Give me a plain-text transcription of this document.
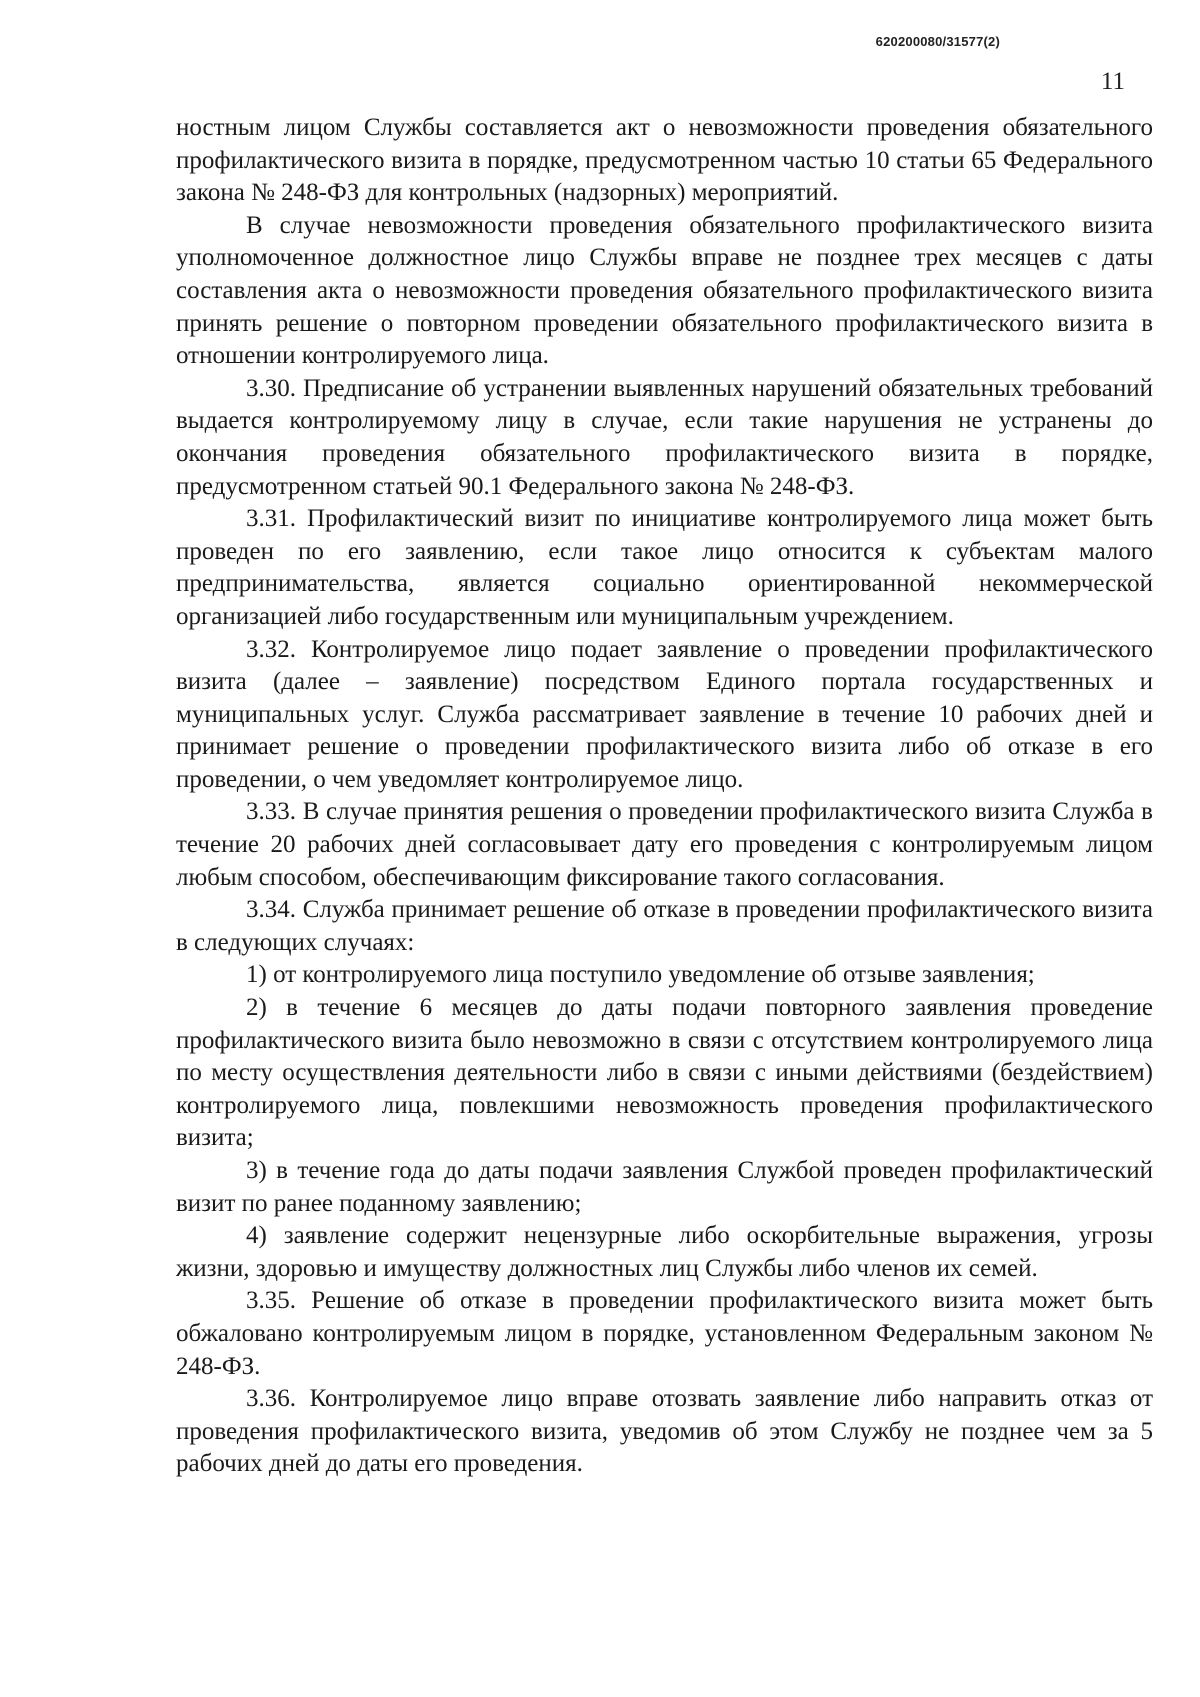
620200080/31577(2)
11

ностным лицом Службы составляется акт о невозможности проведения обязательного профилактического визита в порядке, предусмотренном частью 10 статьи 65 Федерального закона № 248-ФЗ для контрольных (надзорных) мероприятий.

В случае невозможности проведения обязательного профилактического визита уполномоченное должностное лицо Службы вправе не позднее трех месяцев с даты составления акта о невозможности проведения обязательного профилактического визита принять решение о повторном проведении обязательного профилактического визита в отношении контролируемого лица.

3.30. Предписание об устранении выявленных нарушений обязательных требований выдается контролируемому лицу в случае, если такие нарушения не устранены до окончания проведения обязательного профилактического визита в порядке, предусмотренном статьей 90.1 Федерального закона № 248-ФЗ.

3.31. Профилактический визит по инициативе контролируемого лица может быть проведен по его заявлению, если такое лицо относится к субъектам малого предпринимательства, является социально ориентированной некоммерческой организацией либо государственным или муниципальным учреждением.

3.32. Контролируемое лицо подает заявление о проведении профилактического визита (далее – заявление) посредством Единого портала государственных и муниципальных услуг. Служба рассматривает заявление в течение 10 рабочих дней и принимает решение о проведении профилактического визита либо об отказе в его проведении, о чем уведомляет контролируемое лицо.

3.33. В случае принятия решения о проведении профилактического визита Служба в течение 20 рабочих дней согласовывает дату его проведения с контролируемым лицом любым способом, обеспечивающим фиксирование такого согласования.

3.34. Служба принимает решение об отказе в проведении профилактического визита в следующих случаях:

1) от контролируемого лица поступило уведомление об отзыве заявления;

2) в течение 6 месяцев до даты подачи повторного заявления проведение профилактического визита было невозможно в связи с отсутствием контролируемого лица по месту осуществления деятельности либо в связи с иными действиями (бездействием) контролируемого лица, повлекшими невозможность проведения профилактического визита;

3) в течение года до даты подачи заявления Службой проведен профилактический визит по ранее поданному заявлению;

4) заявление содержит нецензурные либо оскорбительные выражения, угрозы жизни, здоровью и имуществу должностных лиц Службы либо членов их семей.

3.35. Решение об отказе в проведении профилактического визита может быть обжаловано контролируемым лицом в порядке, установленном Федеральным законом № 248-ФЗ.

3.36. Контролируемое лицо вправе отозвать заявление либо направить отказ от проведения профилактического визита, уведомив об этом Службу не позднее чем за 5 рабочих дней до даты его проведения.
